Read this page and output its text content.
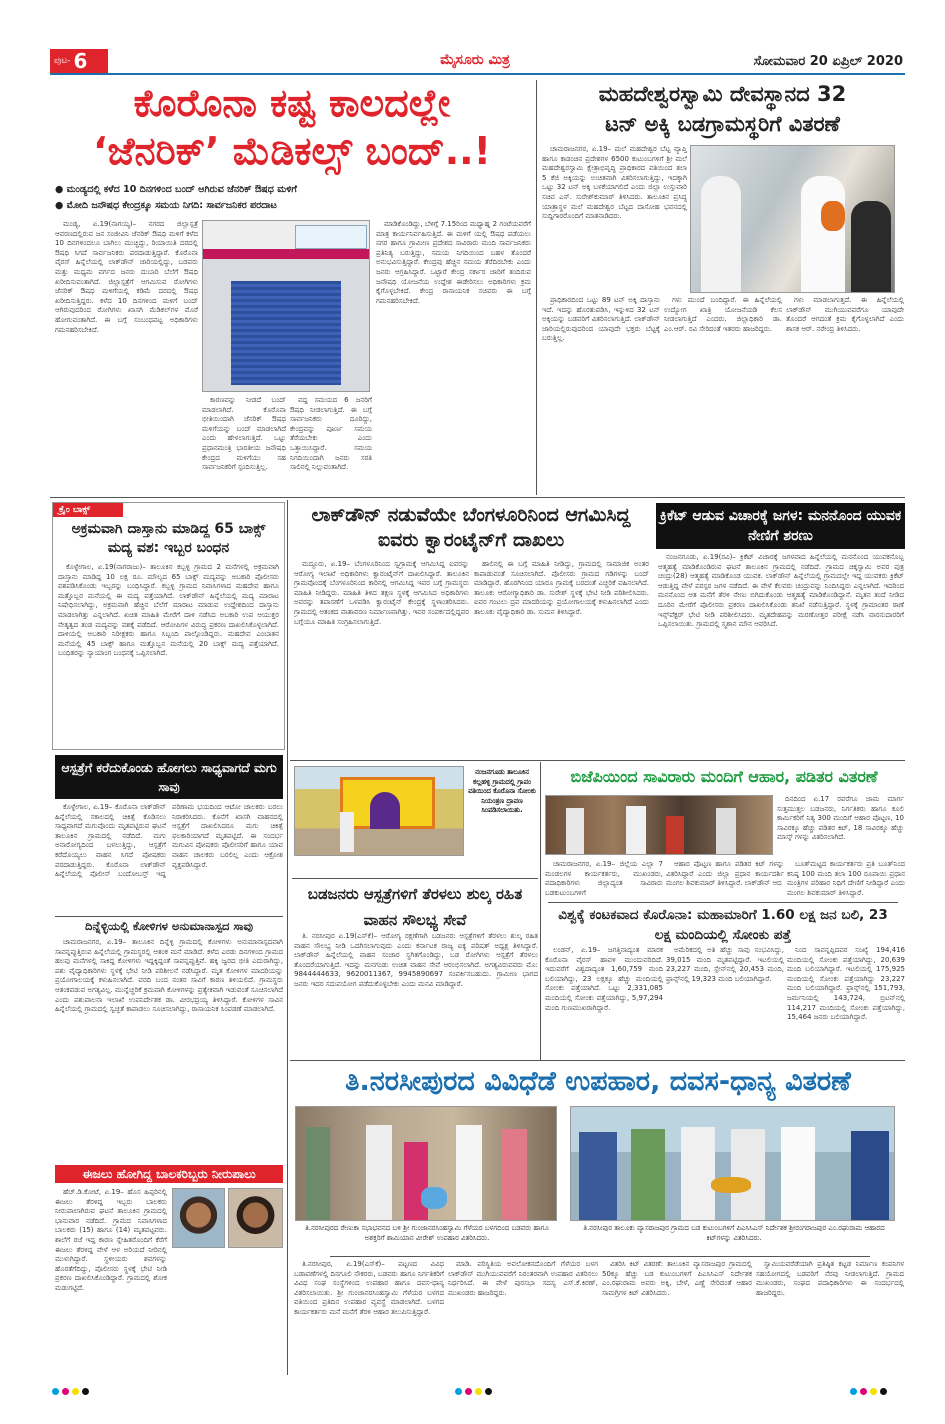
ಪುಟ- 6	ಮೈಸೂರು ಮಿತ್ರ	ಸೋಮವಾರ 20 ಏಪ್ರಿಲ್ 2020
ಕೊರೊನಾ ಕಷ್ಟ ಕಾಲದಲ್ಲೇ
‘ಜೆನರಿಕ್’ ಮೆಡಿಕಲ್ಸ್ ಬಂದ್..!
● ಮಂಡ್ಯದಲ್ಲಿ ಕಳೆದ 10 ದಿನಗಳಿಂದ ಬಂದ್ ಆಗಿರುವ ಜೆನರಿಕ್ ಔಷಧ ಮಳಿಗೆ
● ಮೋದಿ ಜನೌಷಧ ಕೇಂದ್ರಕ್ಕೂ ಸಮಯ ನಿಗದಿ: ಸಾರ್ವಜನಿಕರ ಪರದಾಟ

ಮಂಡ್ಯ, ಏ.19(ನಾಗಯ್ಯ)– ನಗರದ ಜಿಲ್ಲಾಸ್ಪತ್ರೆ ಆವರಣದಲ್ಲಿರುವ ಜನ ಸಂಜೀವಿನಿ ಜೆನರಿಕ್ ಔಷಧಿ ಮಳಿಗೆ ಕಳೆದ 10 ದಿನಗಳಿಂದಲೂ ಬಾಗಿಲು ಮುಚ್ಚಿದ್ದು, ರಿಯಾಯಿತಿ ದರದಲ್ಲಿ ಔಷಧಿ ಸಿಗದೆ ಸಾರ್ವಜನಿಕರು ಪರದಾಡುತ್ತಿದ್ದಾರೆ. ಕೊರೊನಾ ವೈರಸ್ ಹಿನ್ನೆಲೆಯಲ್ಲಿ ಲಾಕ್‌ಡೌನ್ ಜಾರಿಯಲ್ಲಿದ್ದು, ಬಡವರು ಮತ್ತು ಮಧ್ಯಮ ವರ್ಗದ ಜನರು ದುಬಾರಿ ಬೆಲೆಗೆ ಔಷಧಿ ಖರೀದಿಸುವಂತಾಗಿದೆ. ಜಿಲ್ಲಾಸ್ಪತ್ರೆಗೆ ಆಗಮಿಸುವ ರೋಗಿಗಳು ಜೆನರಿಕ್ ಔಷಧ ಮಳಿಗೆಯಲ್ಲಿ ಕಡಿಮೆ ದರದಲ್ಲಿ ಔಷಧ ಖರೀದಿಸುತ್ತಿದ್ದರು. ಕಳೆದ 10 ದಿನಗಳಿಂದ ಮಳಿಗೆ ಬಂದ್ ಆಗಿರುವುದರಿಂದ ರೋಗಿಗಳು ಖಾಸಗಿ ಮೆಡಿಕಲ್‌ಗಳ ಮೊರೆ ಹೋಗುವಂತಾಗಿದೆ. ಈ ಬಗ್ಗೆ ಸಂಬಂಧಪಟ್ಟ ಅಧಿಕಾರಿಗಳು ಗಮನಹರಿಸಬೇಕಿದೆ.

ಕಾರಣವನ್ನು ನೀಡದೆ ಬಂದ್ ಮಾಡಲಾಗಿದೆ. ಕೊರೊನಾ ಭೀತಿಯಿಂದಾಗಿ ಜೆನರಿಕ್ ಔಷಧ ಮಳಿಗೆಯನ್ನು ಬಂದ್ ಮಾಡಲಾಗಿದೆ ಎಂದು ಹೇಳಲಾಗುತ್ತಿದೆ. ಒಟ್ಟು ಪ್ರಧಾನಮಂತ್ರಿ ಭಾರತೀಯ ಜನೌಷಧಿ ಕೇಂದ್ರದ ಮಳಿಗೆಯು ಸಹ ಸಾರ್ವಜನಿಕರಿಗೆ ಸ್ಪಂದಿಸುತ್ತಿಲ್ಲ.

ವದ್ದ ಸಮಯದ 6 ಜನರಿಗೆ ಔಷಧಿ ನೀಡಲಾಗುತ್ತಿದೆ. ಈ ಬಗ್ಗೆ ಸಾರ್ವಜನಿಕರು ದೂರಿದ್ದು, ಕೇಂದ್ರವನ್ನು ಪೂರ್ಣ ಸಮಯ ತೆರೆಯಬೇಕು ಎಂದು ಒತ್ತಾಯಿಸಿದ್ದಾರೆ. ಸಮಯ ನಿಗದಿಯಿಂದಾಗಿ ಜನರು ಸರತಿ ಸಾಲಿನಲ್ಲಿ ನಿಲ್ಲುವಂತಾಗಿದೆ.

ಮಾಡಿಕೊಂಡಿದ್ದು, ಬೆಳಿಗ್ಗೆ 7.15ರಿಂದ ಮಧ್ಯಾಹ್ನ 2 ಗಂಟೆಯವರೆಗೆ ಮಾತ್ರ ಕಾರ್ಯನಿರ್ವಹಿಸುತ್ತಿದೆ. ಈ ಮಳಿಗೆ ಯಲ್ಲಿ ಔಷಧ ಪಡೆಯಲು ನಗರ ಹಾಗೂ ಗ್ರಾಮೀಣ ಪ್ರದೇಶದ ಸಾವಿರಾರು ಮಂದಿ ಸಾರ್ವಜನಿಕರು ಪ್ರತಿನಿತ್ಯ ಬರುತ್ತಿದ್ದು, ಸಮಯ ನಿಗದಿಯಿಂದ ಬಹಳ ತೊಂದರೆ ಅನುಭವಿಸುತ್ತಿದ್ದಾರೆ. ಕೇಂದ್ರವು ಹೆಚ್ಚಿನ ಸಮಯ ತೆರೆದಿರಬೇಕು ಎಂದು ಜನರು ಆಗ್ರಹಿಸಿದ್ದಾರೆ. ಒಟ್ಟಾರೆ ಕೇಂದ್ರ ಸರ್ಕಾರ ಜಾರಿಗೆ ತಂದಿರುವ ಜನೌಷಧಿ ಯೋಜನೆಯ ಉದ್ದೇಶ ಈಡೇರಿಸಲು ಅಧಿಕಾರಿಗಳು ಕ್ರಮ ಕೈಗೊಳ್ಳಬೇಕಿದೆ. ಕೇಂದ್ರ ರಾಸಾಯನಿಕ ಸಚಿವರು ಈ ಬಗ್ಗೆ ಗಮನಹರಿಸಬೇಕಿದೆ.

ಮಹದೇಶ್ವರಸ್ವಾಮಿ ದೇವಸ್ಥಾನದ 32
ಟನ್ ಅಕ್ಕಿ ಬಡಗ್ರಾಮಸ್ಥರಿಗೆ ವಿತರಣೆ

ಚಾಮರಾಜನಗರ, ಏ.19– ಮಲೆ ಮಹದೇಶ್ವರ ಬೆಟ್ಟ ವ್ಯಾಪ್ತಿ ಹಾಗೂ ಕಾಡಂಚಿನ ಪ್ರದೇಶಗಳ 6500 ಕುಟುಂಬಗಳಿಗೆ ಶ್ರೀ ಮಲೆ ಮಹದೇಶ್ವರಸ್ವಾಮಿ ಕ್ಷೇತ್ರಾಭಿವೃದ್ಧಿ ಪ್ರಾಧಿಕಾರದ ವತಿಯಿಂದ ತಲಾ 5 ಕೆಜಿ ಅಕ್ಕಿಯನ್ನು ಉಚಿತವಾಗಿ ವಿತರಿಸಲಾಗುತ್ತಿದ್ದು, ಇದಕ್ಕಾಗಿ ಒಟ್ಟು 32 ಟನ್ ಅಕ್ಕಿ ಬಳಕೆಯಾಗಲಿದೆ ಎಂದು ಜಿಲ್ಲಾ ಉಸ್ತುವಾರಿ ಸಚಿವ ಎಸ್. ಸುರೇಶ್‌ಕುಮಾರ್ ತಿಳಿಸಿದರು. ತಾಲೂಕಿನ ಪ್ರಸಿದ್ಧ ಯಾತ್ರಾಸ್ಥಳ ಮಲೆ ಮಹದೇಶ್ವರ ಬೆಟ್ಟದ ದಾಸೋಹ ಭವನದಲ್ಲಿ ಸುದ್ದಿಗಾರರೊಂದಿಗೆ ಮಾತನಾಡಿದರು.

ಪ್ರಾಧಿಕಾರದಿಂದ ಒಟ್ಟು 89 ಟನ್ ಅಕ್ಕಿ ದಾಸ್ತಾನು ಇದೆ. ಇದನ್ನು ಹೊರತುಪಡಿಸಿ, ಇನ್ನುಳಿದ 32 ಟನ್ ಅಕ್ಕಿಯನ್ನು ಬಡವರಿಗೆ ವಿತರಿಸಲಾಗುತ್ತಿದೆ. ಲಾಕ್‌ಡೌನ್ ಜಾರಿಯಲ್ಲಿರುವುದರಿಂದ ಯಾವುದೇ ಭಕ್ತರು ಬೆಟ್ಟಕ್ಕೆ ಬರುತ್ತಿಲ್ಲ.

ಗಳು ಮುಂದೆ ಬಂದಿದ್ದಾರೆ. ಈ ಹಿನ್ನೆಲೆಯಲ್ಲಿ ಉದ್ಯೋಗ ಖಾತ್ರಿ ಯೋಜನೆಯಡಿ ಕೆಲಸ ನೀಡಲಾಗುತ್ತಿದೆ ಎಂದರು. ಜಿಲ್ಲಾಧಿಕಾರಿ ಡಾ. ಎಂ.ಆರ್. ರವಿ ಸೇರಿದಂತೆ ಇತರರು ಹಾಜರಿದ್ದರು.

ಗಳು ಮಾಡಲಾಗುತ್ತದೆ. ಈ ಹಿನ್ನೆಲೆಯಲ್ಲಿ ಲಾಕ್‌ಡೌನ್ ಮುಗಿಯುವವರೆಗೂ ಯಾವುದೇ ತೊಂದರೆ ಆಗದಂತೆ ಕ್ರಮ ಕೈಗೊಳ್ಳಲಾಗಿದೆ ಎಂದು ಶಾಸಕ ಆರ್. ನರೇಂದ್ರ ತಿಳಿಸಿದರು.

ಕ್ರೈಂ ಬಾಕ್ಸ್
ಅಕ್ರಮವಾಗಿ ದಾಸ್ತಾನು ಮಾಡಿದ್ದ 65 ಬಾಕ್ಸ್ ಮದ್ಯ ವಶ: ಇಬ್ಬರ ಬಂಧನ

ಕೊಳ್ಳೇಗಾಲ, ಏ.19(ನಾಗರಾಜು)– ತಾಲೂಕಿನ ಕಬ್ಬಳ್ಳಿ ಗ್ರಾಮದ 2 ಮನೆಗಳಲ್ಲಿ ಅಕ್ರಮವಾಗಿ ದಾಸ್ತಾನು ಮಾಡಿದ್ದ 10 ಲಕ್ಷ ರೂ. ಮೌಲ್ಯದ 65 ಬಾಕ್ಸ್ ಮದ್ಯವನ್ನು ಅಬಕಾರಿ ಪೊಲೀಸರು ವಶಪಡಿಸಿಕೊಂಡು ಇಬ್ಬರನ್ನು ಬಂಧಿಸಿದ್ದಾರೆ. ಕಬ್ಬಳ್ಳಿ ಗ್ರಾಮದ ನಿವಾಸಿಗಳಾದ ಮಹದೇವ ಹಾಗೂ ಮತ್ತೊಬ್ಬರ ಮನೆಯಲ್ಲಿ ಈ ಮದ್ಯ ಪತ್ತೆಯಾಗಿದೆ. ಲಾಕ್‌ಡೌನ್ ಹಿನ್ನೆಲೆಯಲ್ಲಿ ಮದ್ಯ ಮಾರಾಟ ನಿಷೇಧಿಸಲಾಗಿದ್ದು, ಅಕ್ರಮವಾಗಿ ಹೆಚ್ಚಿನ ಬೆಲೆಗೆ ಮಾರಾಟ ಮಾಡುವ ಉದ್ದೇಶದಿಂದ ದಾಸ್ತಾನು ಮಾಡಲಾಗಿತ್ತು ಎನ್ನಲಾಗಿದೆ. ಖಚಿತ ಮಾಹಿತಿ ಮೇರೆಗೆ ದಾಳಿ ನಡೆಸಿದ ಅಬಕಾರಿ ಉಪ ಆಯುಕ್ತರ ನೇತೃತ್ವದ ತಂಡ ಮದ್ಯವನ್ನು ವಶಕ್ಕೆ ಪಡೆದಿದೆ. ಆರೋಪಿಗಳ ವಿರುದ್ಧ ಪ್ರಕರಣ ದಾಖಲಿಸಿಕೊಳ್ಳಲಾಗಿದೆ. ದಾಳಿಯಲ್ಲಿ ಅಬಕಾರಿ ನಿರೀಕ್ಷಕರು ಹಾಗೂ ಸಿಬ್ಬಂದಿ ಪಾಲ್ಗೊಂಡಿದ್ದರು. ಮಹದೇವ ಎಂಬಾತನ ಮನೆಯಲ್ಲಿ 45 ಬಾಕ್ಸ್ ಹಾಗೂ ಮತ್ತೊಬ್ಬನ ಮನೆಯಲ್ಲಿ 20 ಬಾಕ್ಸ್ ಮದ್ಯ ಪತ್ತೆಯಾಗಿದೆ. ಬಂಧಿತರನ್ನು ನ್ಯಾಯಾಂಗ ಬಂಧನಕ್ಕೆ ಒಪ್ಪಿಸಲಾಗಿದೆ.

ಲಾಕ್‌ಡೌನ್ ನಡುವೆಯೇ ಬೆಂಗಳೂರಿನಿಂದ ಆಗಮಿಸಿದ್ದ ಐವರು ಕ್ವಾರಂಟೈನ್‌ಗೆ ದಾಖಲು

ಮದ್ದೂರು, ಏ.19– ಬೆಂಗಳೂರಿನಿಂದ ಸ್ವಗ್ರಾಮಕ್ಕೆ ಆಗಮಿಸಿದ್ದ ಐವರನ್ನು ಆರೋಗ್ಯ ಇಲಾಖೆ ಅಧಿಕಾರಿಗಳು ಕ್ವಾರಂಟೈನ್‌ಗೆ ದಾಖಲಿಸಿದ್ದಾರೆ. ತಾಲೂಕಿನ ಗ್ರಾಮವೊಂದಕ್ಕೆ ಬೆಂಗಳೂರಿನಿಂದ ಕಾರಿನಲ್ಲಿ ಆಗಮಿಸಿದ್ದ ಇವರ ಬಗ್ಗೆ ಗ್ರಾಮಸ್ಥರು ಮಾಹಿತಿ ನೀಡಿದ್ದರು. ಮಾಹಿತಿ ತಿಳಿದ ತಕ್ಷಣ ಸ್ಥಳಕ್ಕೆ ಆಗಮಿಸಿದ ಅಧಿಕಾರಿಗಳು ಅವರನ್ನು ತಪಾಸಣೆಗೆ ಒಳಪಡಿಸಿ ಕ್ವಾರಂಟೈನ್ ಕೇಂದ್ರಕ್ಕೆ ಸ್ಥಳಾಂತರಿಸಿದರು. ಗ್ರಾಮದಲ್ಲಿ ಆತಂಕದ ವಾತಾವರಣ ನಿರ್ಮಾಣವಾಗಿತ್ತು. ಇವರ ಸಂಪರ್ಕದಲ್ಲಿದ್ದವರ ಬಗ್ಗೆಯೂ ಮಾಹಿತಿ ಸಂಗ್ರಹಿಸಲಾಗುತ್ತಿದೆ.

ಹಾಲಿನಲ್ಲಿ ಈ ಬಗ್ಗೆ ಮಾಹಿತಿ ನೀಡಿದ್ದು, ಗ್ರಾಮದಲ್ಲಿ ಸಾಮಾಜಿಕ ಅಂತರ ಕಾಪಾಡುವಂತೆ ಸೂಚಿಸಲಾಗಿದೆ. ಪೊಲೀಸರು ಗ್ರಾಮದ ಗಡಿಗಳನ್ನು ಬಂದ್ ಮಾಡಿದ್ದಾರೆ. ಹೊರಗಿನಿಂದ ಯಾರೂ ಗ್ರಾಮಕ್ಕೆ ಬರದಂತೆ ಎಚ್ಚರಿಕೆ ವಹಿಸಲಾಗಿದೆ. ತಾಲೂಕು ಆರೋಗ್ಯಾಧಿಕಾರಿ ಡಾ. ಸುರೇಶ್ ಸ್ಥಳಕ್ಕೆ ಭೇಟಿ ನೀಡಿ ಪರಿಶೀಲಿಸಿದರು. ಐವರ ಗಂಟಲು ದ್ರವ ಮಾದರಿಯನ್ನು ಪ್ರಯೋಗಾಲಯಕ್ಕೆ ಕಳುಹಿಸಲಾಗಿದೆ ಎಂದು ತಾಲೂಕು ವೈದ್ಯಾಧಿಕಾರಿ ಡಾ. ಸುಮನ ತಿಳಿಸಿದ್ದಾರೆ.

ಕ್ರಿಕೆಟ್ ಆಡುವ ವಿಚಾರಕ್ಕೆ ಜಗಳ: ಮನನೊಂದ ಯುವಕ ನೇಣಿಗೆ ಶರಣು

ನಂಜನಗೂಡು, ಏ.19(ರವಿ)– ಕ್ರಿಕೆಟ್ ವಿಚಾರಕ್ಕೆ ಜಗಳವಾದ ಹಿನ್ನೆಲೆಯಲ್ಲಿ ಮನನೊಂದ ಯುವಕನೊಬ್ಬ ಆತ್ಮಹತ್ಯೆ ಮಾಡಿಕೊಂಡಿರುವ ಘಟನೆ ತಾಲೂಕಿನ ಗ್ರಾಮದಲ್ಲಿ ನಡೆದಿದೆ. ಗ್ರಾಮದ ಚಿಕ್ಕಸ್ವಾಮಿ ಅವರ ಪುತ್ರ ಚಂದ್ರು(28) ಆತ್ಮಹತ್ಯೆ ಮಾಡಿಕೊಂಡ ಯುವಕ. ಲಾಕ್‌ಡೌನ್ ಹಿನ್ನೆಲೆಯಲ್ಲಿ ಗ್ರಾಮದಲ್ಲೇ ಇದ್ದ ಯುವಕರು ಕ್ರಿಕೆಟ್ ಆಡುತ್ತಿದ್ದ ವೇಳೆ ಪರಸ್ಪರ ಜಗಳ ನಡೆದಿದೆ. ಈ ವೇಳೆ ಕೆಲವರು ಚಂದ್ರುವನ್ನು ನಿಂದಿಸಿದ್ದರು ಎನ್ನಲಾಗಿದೆ. ಇದರಿಂದ ಮನನೊಂದ ಆತ ಮನೆಗೆ ತೆರಳಿ ನೇಣು ಬಿಗಿದುಕೊಂಡು ಆತ್ಮಹತ್ಯೆ ಮಾಡಿಕೊಂಡಿದ್ದಾನೆ. ಮೃತನ ತಂದೆ ನೀಡಿದ ದೂರಿನ ಮೇರೆಗೆ ಪೊಲೀಸರು ಪ್ರಕರಣ ದಾಖಲಿಸಿಕೊಂಡು ತನಿಖೆ ನಡೆಸುತ್ತಿದ್ದಾರೆ. ಸ್ಥಳಕ್ಕೆ ಗ್ರಾಮಾಂತರ ಠಾಣೆ ಇನ್ಸ್‌ಪೆಕ್ಟರ್ ಭೇಟಿ ನೀಡಿ ಪರಿಶೀಲಿಸಿದರು. ಮೃತದೇಹವನ್ನು ಮರಣೋತ್ತರ ಪರೀಕ್ಷೆ ನಡೆಸಿ ವಾರಸುದಾರರಿಗೆ ಒಪ್ಪಿಸಲಾಯಿತು. ಗ್ರಾಮದಲ್ಲಿ ಸ್ಮಶಾನ ಮೌನ ಆವರಿಸಿದೆ.

ಆಸ್ಪತ್ರೆಗೆ ಕರೆದುಕೊಂಡು ಹೋಗಲು ಸಾಧ್ಯವಾಗದೆ ಮಗು ಸಾವು

ಕೊಳ್ಳೇಗಾಲ, ಏ.19– ಕೊರೊನಾ ಲಾಕ್‌ಡೌನ್ ಹಿನ್ನೆಲೆಯಲ್ಲಿ ಸಕಾಲದಲ್ಲಿ ಚಿಕಿತ್ಸೆ ಕೊಡಿಸಲು ಸಾಧ್ಯವಾಗದೆ ಮಗುವೊಂದು ಮೃತಪಟ್ಟಿರುವ ಘಟನೆ ತಾಲೂಕಿನ ಗ್ರಾಮದಲ್ಲಿ ನಡೆದಿದೆ. ಮಗು ಅನಾರೋಗ್ಯದಿಂದ ಬಳಲುತ್ತಿದ್ದು, ಆಸ್ಪತ್ರೆಗೆ ಕರೆದೊಯ್ಯಲು ವಾಹನ ಸಿಗದೆ ಪೋಷಕರು ಪರದಾಡುತ್ತಿದ್ದರು. ಕೊರೊನಾ ಲಾಕ್‌ಡೌನ್ ಹಿನ್ನೆಲೆಯಲ್ಲಿ ಪೊಲೀಸ್ ಬಂದೋಬಸ್ತ್ ಇದ್ದ ಪರಿಣಾಮ ಭಯದಿಂದ ಆಟೋ ಚಾಲಕರು ಬರಲು ನಿರಾಕರಿಸಿದರು. ಕೊನೆಗೆ ಖಾಸಗಿ ವಾಹನದಲ್ಲಿ ಆಸ್ಪತ್ರೆಗೆ ದಾಖಲಿಸಿದರೂ ಮಗು ಚಿಕಿತ್ಸೆ ಫಲಕಾರಿಯಾಗದೆ ಮೃತಪಟ್ಟಿದೆ. ಈ ಸಂದರ್ಭ ಮಗುವಿನ ಪೋಷಕರು ಪೊಲೀಸರಿಗೆ ಹಾಗೂ ಯಾವ ವಾಹನ ಚಾಲಕರು ಬರಲಿಲ್ಲ ಎಂದು ಆಕ್ರೋಶ ವ್ಯಕ್ತಪಡಿಸಿದ್ದಾರೆ.

ದಿನ್ನೆಳ್ಳಿಯಲ್ಲಿ ಕೋಳಿಗಳ ಅನುಮಾನಾಸ್ಪದ ಸಾವು

ಚಾಮರಾಜನಗರ, ಏ.19– ತಾಲೂಕಿನ ದಿನ್ನೆಳ್ಳಿ ಗ್ರಾಮದಲ್ಲಿ ಕೋಳಿಗಳು ಅನುಮಾನಾಸ್ಪದವಾಗಿ ಸಾವನ್ನಪ್ಪುತ್ತಿರುವ ಹಿನ್ನೆಲೆಯಲ್ಲಿ ಗ್ರಾಮಸ್ಥರಲ್ಲಿ ಆತಂಕ ಮನೆ ಮಾಡಿದೆ. ಕಳೆದ ಎರಡು ದಿನಗಳಿಂದ ಗ್ರಾಮದ ಹಲವು ಮನೆಗಳಲ್ಲಿ ಸಾಕಿದ್ದ ಕೋಳಿಗಳು ಇದ್ದಕ್ಕಿದ್ದಂತೆ ಸಾವನ್ನಪ್ಪುತ್ತಿವೆ. ಹಕ್ಕಿ ಜ್ವರದ ಭೀತಿ ಎದುರಾಗಿದ್ದು, ಪಶು ವೈದ್ಯಾಧಿಕಾರಿಗಳು ಸ್ಥಳಕ್ಕೆ ಭೇಟಿ ನೀಡಿ ಪರಿಶೀಲನೆ ನಡೆಸಿದ್ದಾರೆ. ಮೃತ ಕೋಳಿಗಳ ಮಾದರಿಯನ್ನು ಪ್ರಯೋಗಾಲಯಕ್ಕೆ ಕಳುಹಿಸಲಾಗಿದೆ. ವರದಿ ಬಂದ ನಂತರ ಸಾವಿಗೆ ಕಾರಣ ತಿಳಿಯಲಿದೆ. ಗ್ರಾಮಸ್ಥರು ಆತಂಕಪಡುವ ಅಗತ್ಯವಿಲ್ಲ. ಮುನ್ನೆಚ್ಚರಿಕೆ ಕ್ರಮವಾಗಿ ಕೋಳಿಗಳನ್ನು ಪ್ರತ್ಯೇಕವಾಗಿ ಇಡುವಂತೆ ಸೂಚಿಸಲಾಗಿದೆ ಎಂದು ಪಶುಪಾಲನಾ ಇಲಾಖೆ ಉಪನಿರ್ದೇಶಕ ಡಾ. ವೀರಭದ್ರಯ್ಯ ತಿಳಿಸಿದ್ದಾರೆ. ಕೋಳಿಗಳ ಸಾವಿನ ಹಿನ್ನೆಲೆಯಲ್ಲಿ ಗ್ರಾಮದಲ್ಲಿ ಸ್ವಚ್ಛತೆ ಕಾಪಾಡಲು ಸೂಚಿಸಲಾಗಿದ್ದು, ರಾಸಾಯನಿಕ ಸಿಂಪಡಣೆ ಮಾಡಲಾಗಿದೆ.

ಈಜಲು ಹೋಗಿದ್ದ ಬಾಲಕರಿಬ್ಬರು ನೀರುಪಾಲು

ಹೆಚ್.ಡಿ.ಕೋಟೆ, ಏ.19– ಹೊಸ ಹಿಪ್ಪರಿನಲ್ಲಿ ಈಜಲು ತೆರಳಿದ್ದ ಇಬ್ಬರು ಬಾಲಕರು ನೀರುಪಾಲಾಗಿರುವ ಘಟನೆ ತಾಲೂಕಿನ ಗ್ರಾಮದಲ್ಲಿ ಭಾನುವಾರ ನಡೆದಿದೆ. ಗ್ರಾಮದ ನಿವಾಸಿಗಳಾದ ಬಾಲಕರು (15) ಹಾಗೂ (14) ಮೃತಪಟ್ಟವರು. ಶಾಲೆಗೆ ರಜೆ ಇದ್ದ ಕಾರಣ ಸ್ನೇಹಿತರೊಂದಿಗೆ ಕೆರೆಗೆ ಈಜಲು ತೆರಳಿದ್ದ ವೇಳೆ ಆಳ ಅರಿಯದೆ ನೀರಿನಲ್ಲಿ ಮುಳುಗಿದ್ದಾರೆ. ಸ್ಥಳೀಯರು ಶವಗಳನ್ನು ಹೊರತೆಗೆದಿದ್ದು, ಪೊಲೀಸರು ಸ್ಥಳಕ್ಕೆ ಭೇಟಿ ನೀಡಿ ಪ್ರಕರಣ ದಾಖಲಿಸಿಕೊಂಡಿದ್ದಾರೆ. ಗ್ರಾಮದಲ್ಲಿ ಶೋಕ ಮಡುಗಟ್ಟಿದೆ.

ನಂಜನಗೂಡು ತಾಲೂಕಿನ ಕಲ್ಲಹಳ್ಳಿ ಗ್ರಾಮದಲ್ಲಿ ಗ್ರಾಪಂ ವತಿಯಿಂದ ಕೊರೊನಾ ಸೋಂಕು ನಿಯಂತ್ರಣ ದ್ರಾವಣ ಸಿಂಪಡಿಸಲಾಯಿತು.
ಬಡಜನರು ಆಸ್ಪತ್ರೆಗಳಿಗೆ ತೆರಳಲು ಶುಲ್ಕ ರಹಿತ ವಾಹನ ಸೌಲಭ್ಯ ಸೇವೆ

ತಿ. ನರಸೀಪುರ ಏ.19(ಎಸ್‌ಕೆ)– ಆರೋಗ್ಯ ರಕ್ಷಣೆಗಾಗಿ ಬಡಜನರು ಆಸ್ಪತ್ರೆಗಳಿಗೆ ತೆರಳಲು ಶುಲ್ಕ ರಹಿತ ವಾಹನ ಸೌಲಭ್ಯ ನೀಡಿ ಒದಗಿಸಲಾಗುವುದು ಎಂದು ಕರ್ನಾಟಕ ರಾಜ್ಯ ಐಕ್ಯ ಪರಿಷತ್ ಅಧ್ಯಕ್ಷ ತಿಳಿಸಿದ್ದಾರೆ. ಲಾಕ್‌ಡೌನ್ ಹಿನ್ನೆಲೆಯಲ್ಲಿ ವಾಹನ ಸಂಚಾರ ಸ್ಥಗಿತಗೊಂಡಿದ್ದು, ಬಡ ರೋಗಿಗಳು ಆಸ್ಪತ್ರೆಗೆ ತೆರಳಲು ತೊಂದರೆಯಾಗುತ್ತಿದೆ. ಇದನ್ನು ಮನಗಂಡು ಉಚಿತ ವಾಹನ ಸೇವೆ ಆರಂಭಿಸಲಾಗಿದೆ. ಅಗತ್ಯವಿರುವವರು ಮೊ: 9844444633, 9620011367, 9945890697 ಸಂಪರ್ಕಿಸಬಹುದು. ಗ್ರಾಮೀಣ ಭಾಗದ ಜನರು ಇದರ ಸದುಪಯೋಗ ಪಡೆದುಕೊಳ್ಳಬೇಕು ಎಂದು ಮನವಿ ಮಾಡಿದ್ದಾರೆ.

ಬಿಜೆಪಿಯಿಂದ ಸಾವಿರಾರು ಮಂದಿಗೆ ಆಹಾರ, ಪಡಿತರ ವಿತರಣೆ

ದಿನದಿಂದ ಏ.17 ರವರೆಗೂ ಜಾಮ ಮಾರ್ಗ ಸುತ್ತಮುತ್ತಲ ಬಡಜನರು, ನಿರ್ಗತಿಕರು ಹಾಗೂ ಕೂಲಿ ಕಾರ್ಮಿಕರಿಗೆ ನಿತ್ಯ 300 ಮಂದಿಗೆ ಆಹಾರ ಪೊಟ್ಟಣ, 10 ಸಾವಿರಕ್ಕೂ ಹೆಚ್ಚು ಪಡಿತರ ಕಿಟ್, 18 ಸಾವಿರಕ್ಕೂ ಹೆಚ್ಚು ಮಾಸ್ಕ್ ಗಳನ್ನು ವಿತರಿಸಲಾಗಿದೆ.

ಚಾಮರಾಜನಗರ, ಏ.19– ಜಿಲ್ಲೆಯ ಎಲ್ಲಾ 7 ಮಂಡಲಗಳ ಕಾರ್ಯಕರ್ತರು, ಮುಖಂಡರು, ಪದಾಧಿಕಾರಿಗಳು ಜಿಲ್ಲಾದ್ಯಂತ ಸಾವಿರಾರು ಬಡಕುಟುಂಬಗಳಿಗೆ

ಆಹಾರ ಪೊಟ್ಟಣ ಹಾಗೂ ಪಡಿತರ ಕಿಟ್ ಗಳನ್ನು ವಿತರಿಸಿದ್ದಾರೆ ಎಂದು ಜಿಲ್ಲಾ ಪ್ರಧಾನ ಕಾರ್ಯದರ್ಶಿ ಮಂಗಲ ಶಿವಕುಮಾರ್ ತಿಳಿಸಿದ್ದಾರೆ. ಲಾಕ್‌ಡೌನ್ ಆದ

ಬೂತ್‌ಮಟ್ಟದ ಕಾರ್ಯಕರ್ತರು ಪ್ರತಿ ಬೂತ್‌ನಿಂದ ಕನಿಷ್ಠ 100 ಮಂದಿ ತಲಾ 100 ರೂಪಾಯಿ ಪ್ರಧಾನ ಮಂತ್ರಿಗಳ ಪರಿಹಾರ ನಿಧಿಗೆ ದೇಣಿಗೆ ನೀಡಿದ್ದಾರೆ ಎಂದು ಮಂಗಲ ಶಿವಕುಮಾರ್ ತಿಳಿಸಿದ್ದಾರೆ.

ವಿಶ್ವಕ್ಕೆ ಕಂಟಕವಾದ ಕೊರೊನಾ: ಮಹಾಮಾರಿಗೆ 1.60 ಲಕ್ಷ ಜನ ಬಲಿ, 23 ಲಕ್ಷ ಮಂದಿಯಲ್ಲಿ ಸೋಂಕು ಪತ್ತೆ

ಲಂಡನ್, ಏ.19– ಜಗತ್ತಿನಾದ್ಯಂತ ಮಾರಕ ಕೊರೊನಾ ವೈರಸ್ ಹಾವಳಿ ಮುಂದುವರಿದಿದೆ. ಇದುವರೆಗೆ ವಿಶ್ವದಾದ್ಯಂತ 1,60,759 ಮಂದಿ ಬಲಿಯಾಗಿದ್ದು, 23 ಲಕ್ಷಕ್ಕೂ ಹೆಚ್ಚು ಮಂದಿಯಲ್ಲಿ ಸೋಂಕು ಪತ್ತೆಯಾಗಿದೆ. ಒಟ್ಟು 2,331,085 ಮಂದಿಯಲ್ಲಿ ಸೋಂಕು ಪತ್ತೆಯಾಗಿದ್ದು, 5,97,294 ಮಂದಿ ಗುಣಮುಖರಾಗಿದ್ದಾರೆ.

ಅಮೆರಿಕದಲ್ಲಿ ಅತಿ ಹೆಚ್ಚು ಸಾವು ಸಂಭವಿಸಿದ್ದು, 39,015 ಮಂದಿ ಮೃತಪಟ್ಟಿದ್ದಾರೆ. ಇಟಲಿಯಲ್ಲಿ 23,227 ಮಂದಿ, ಸ್ಪೇನ್‌ನಲ್ಲಿ 20,453 ಮಂದಿ, ಫ್ರಾನ್ಸ್‌ನಲ್ಲಿ 19,323 ಮಂದಿ ಬಲಿಯಾಗಿದ್ದಾರೆ.

ನಿಂದ ಸಾವನ್ನಪ್ಪಿದವರ ಸಂಖ್ಯೆ 194,416 ಮಂದಿಯಲ್ಲಿ ಸೋಂಕು ಪತ್ತೆಯಾಗಿದ್ದು, 20,639 ಮಂದಿ ಬಲಿಯಾಗಿದ್ದಾರೆ. ಇಟಲಿಯಲ್ಲಿ 175,925 ಮಂದಿಯಲ್ಲಿ ಸೋಂಕು ಪತ್ತೆಯಾಗಿದ್ದು 23,227 ಮಂದಿ ಬಲಿಯಾಗಿದ್ದಾರೆ. ಫ್ರಾನ್ಸ್‌ನಲ್ಲಿ 151,793, ಜರ್ಮನಿಯಲ್ಲಿ 143,724, ಬ್ರಿಟನ್‌ನಲ್ಲಿ 114,217 ಮಂದಿಯಲ್ಲಿ ಸೋಂಕು ಪತ್ತೆಯಾಗಿದ್ದು, 15,464 ಜನರು ಬಲಿಯಾಗಿದ್ದಾರೆ.

ತಿ.ನರಸೀಪುರದ ವಿವಿಧೆಡೆ ಉಪಹಾರ, ದವಸ-ಧಾನ್ಯ ವಿತರಣೆ
ತಿ.ನರಸೀಪುರದ ರೇಣುಕಾ ಸಭಾಭವನದ ಬಳಿ ಶ್ರೀ ಗುಂಜಾನರಸಿಂಹಸ್ವಾಮಿ ಗೆಳೆಯರ ಬಳಗದಿಂದ ಬಡವರು ಹಾಗೂ ಅಶಕ್ತರಿಗೆ ಶಾಮಿಯಾನ ವೀರೇಶ್ ಉಪಹಾರ ವಿತರಿಸಿದರು.
ತಿ.ನರಸೀಪುರ ತಾಲೂಕು ವ್ಯಾಸರಾಜಪುರ ಗ್ರಾಮದ ಬಡ ಕುಟುಂಬಗಳಿಗೆ ಪಿಎಸಿಸಿಎಸ್ ನಿರ್ದೇಶಕ ಶ್ರೀರಂಗರಾಜಪುರ ಎಂ.ರಘುರಾಮ ಆಹಾರದ ಕಿಟ್‌ಗಳನ್ನು ವಿತರಿಸಿದರು.

ತಿ.ನರಸೀಪುರ, ಏ.19(ಎಸ್‌ಕೆ)– ಪಟ್ಟಣದ ವಿವಿಧ ಬಡಾವಣೆಗಳಲ್ಲಿ ದಿನಗೂಲಿ ನೌಕರರು, ಬಡವರು ಹಾಗೂ ನಿರ್ಗತಿಕರಿಗೆ ವಿವಿಧ ಸಂಘ ಸಂಸ್ಥೆಗಳಿಂದ ಉಪಹಾರ ಹಾಗೂ ದವಸ-ಧಾನ್ಯ ವಿತರಿಸಲಾಯಿತು. ಶ್ರೀ ಗುಂಜಾನರಸಿಂಹಸ್ವಾಮಿ ಗೆಳೆಯರ ಬಳಗದ ವತಿಯಿಂದ ಪ್ರತಿದಿನ ಉಪಹಾರ ವ್ಯವಸ್ಥೆ ಮಾಡಲಾಗಿದೆ. ಬಳಗದ ಕಾರ್ಯಕರ್ತರು ಮನೆ ಮನೆಗೆ ತೆರಳಿ ಆಹಾರ ತಲುಪಿಸುತ್ತಿದ್ದಾರೆ.

ಮಾಡಿ. ಪರಿಸ್ಥಿತಿಯ ಅವಲೋಕನದೊಂದಿಗೆ ಗೆಳೆಯರ ಬಳಗ ಲಾಕ್‌ಡೌನ್ ಮುಗಿಯುವವರೆಗೆ ನಿರಂತರವಾಗಿ ಉಪಹಾರ ವಿತರಿಸಲು ನಿರ್ಧರಿಸಿದೆ. ಈ ವೇಳೆ ಪುರಸಭಾ ಸದಸ್ಯ ಎಸ್.ಕೆ.ಕಿರಣ್, ಮುಖಂಡರು ಹಾಜರಿದ್ದರು.

ವಿತರಿಸಿ ಕಿಟ್ ವಿತರಣೆ: ತಾಲೂಕಿನ ವ್ಯಾಸರಾಜಪುರ ಗ್ರಾಮದಲ್ಲಿ 50ಕ್ಕೂ ಹೆಚ್ಚು ಬಡ ಕುಟುಂಬಗಳಿಗೆ ಪಿಎಸಿಸಿಎಸ್ ನಿರ್ದೇಶಕ ಎಂ.ರಘುರಾಮ ಅವರು ಅಕ್ಕಿ, ಬೇಳೆ, ಎಣ್ಣೆ ಸೇರಿದಂತೆ ಆಹಾರ ಸಾಮಗ್ರಿಗಳ ಕಿಟ್ ವಿತರಿಸಿದರು.

ಸ್ವಾಮಿಯವರೆಡೆಯಾಗಿ ಪ್ರತಿಷ್ಠಿತ ಕಟ್ಟಡ ನಿರ್ಮಾಣ ಕಂಪನಿಗಳ ಸಹಯೋಗದಲ್ಲಿ ಬಡವರಿಗೆ ನೆರವು ನೀಡಲಾಗುತ್ತಿದೆ. ಗ್ರಾಮದ ಮುಖಂಡರು, ಸಂಘದ ಪದಾಧಿಕಾರಿಗಳು ಈ ಸಂದರ್ಭದಲ್ಲಿ ಹಾಜರಿದ್ದರು.
